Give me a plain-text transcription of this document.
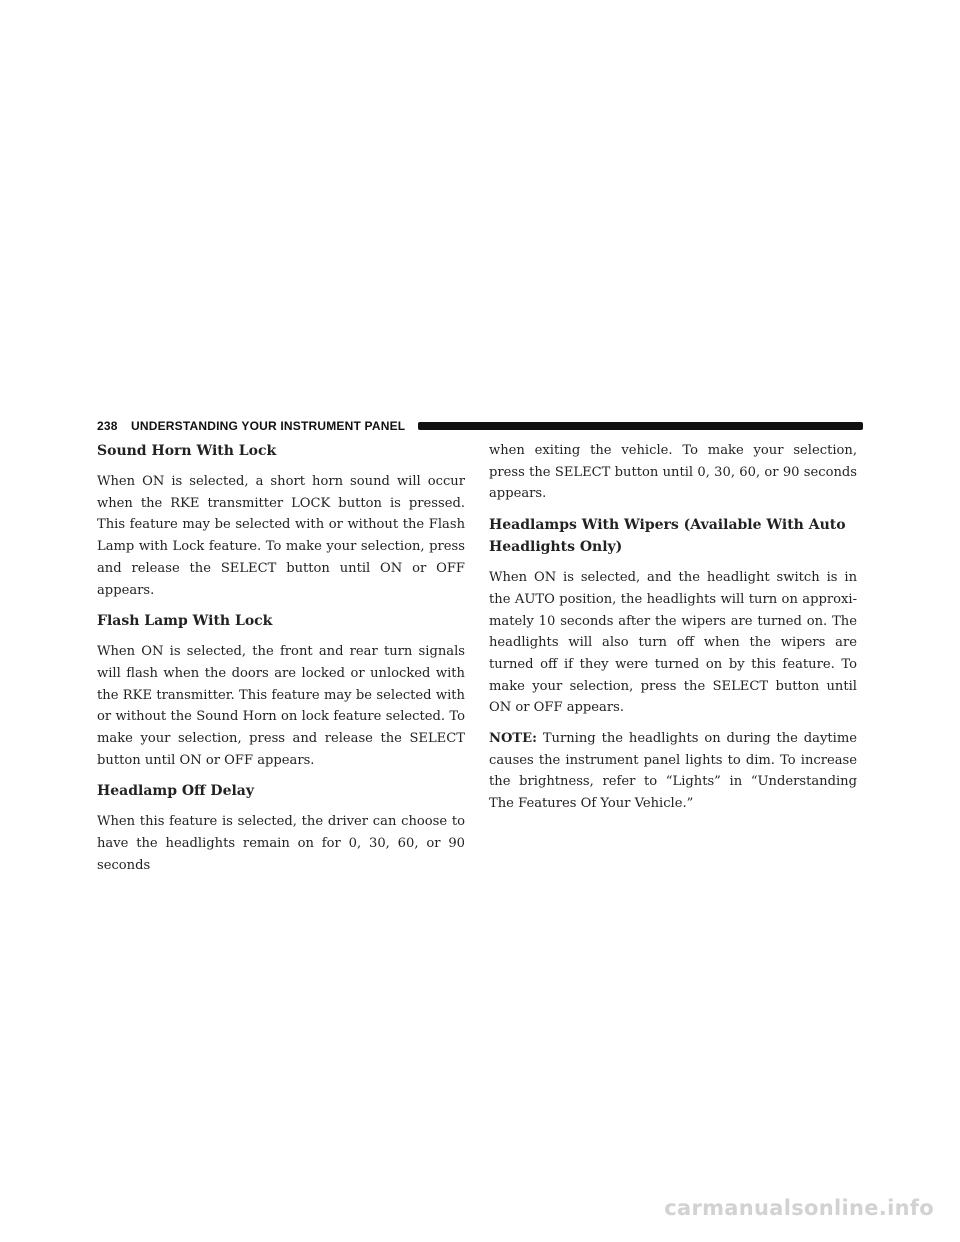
238 UNDERSTANDING YOUR INSTRUMENT PANEL
Sound Horn With Lock

When ON is selected, a short horn sound will occur when the RKE transmitter LOCK button is pressed. This feature may be selected with or without the Flash Lamp with Lock feature. To make your selection, press and release the SELECT button until ON or OFF appears.

Flash Lamp With Lock

When ON is selected, the front and rear turn signals will flash when the doors are locked or unlocked with the RKE transmitter. This feature may be selected with or without the Sound Horn on lock feature selected. To make your selection, press and release the SELECT button until ON or OFF appears.

Headlamp Off Delay

When this feature is selected, the driver can choose to have the headlights remain on for 0, 30, 60, or 90 seconds

when exiting the vehicle. To make your selection, press the SELECT button until 0, 30, 60, or 90 seconds appears.

Headlamps With Wipers (Available With Auto
Headlights Only)

When ON is selected, and the headlight switch is in the AUTO position, the headlights will turn on approxi-mately 10 seconds after the wipers are turned on. The headlights will also turn off when the wipers are turned off if they were turned on by this feature. To make your selection, press the SELECT button until ON or OFF appears.

NOTE: Turning the headlights on during the daytime causes the instrument panel lights to dim. To increase the brightness, refer to “Lights” in “Understanding The Features Of Your Vehicle.”

carmanualsonline.info
